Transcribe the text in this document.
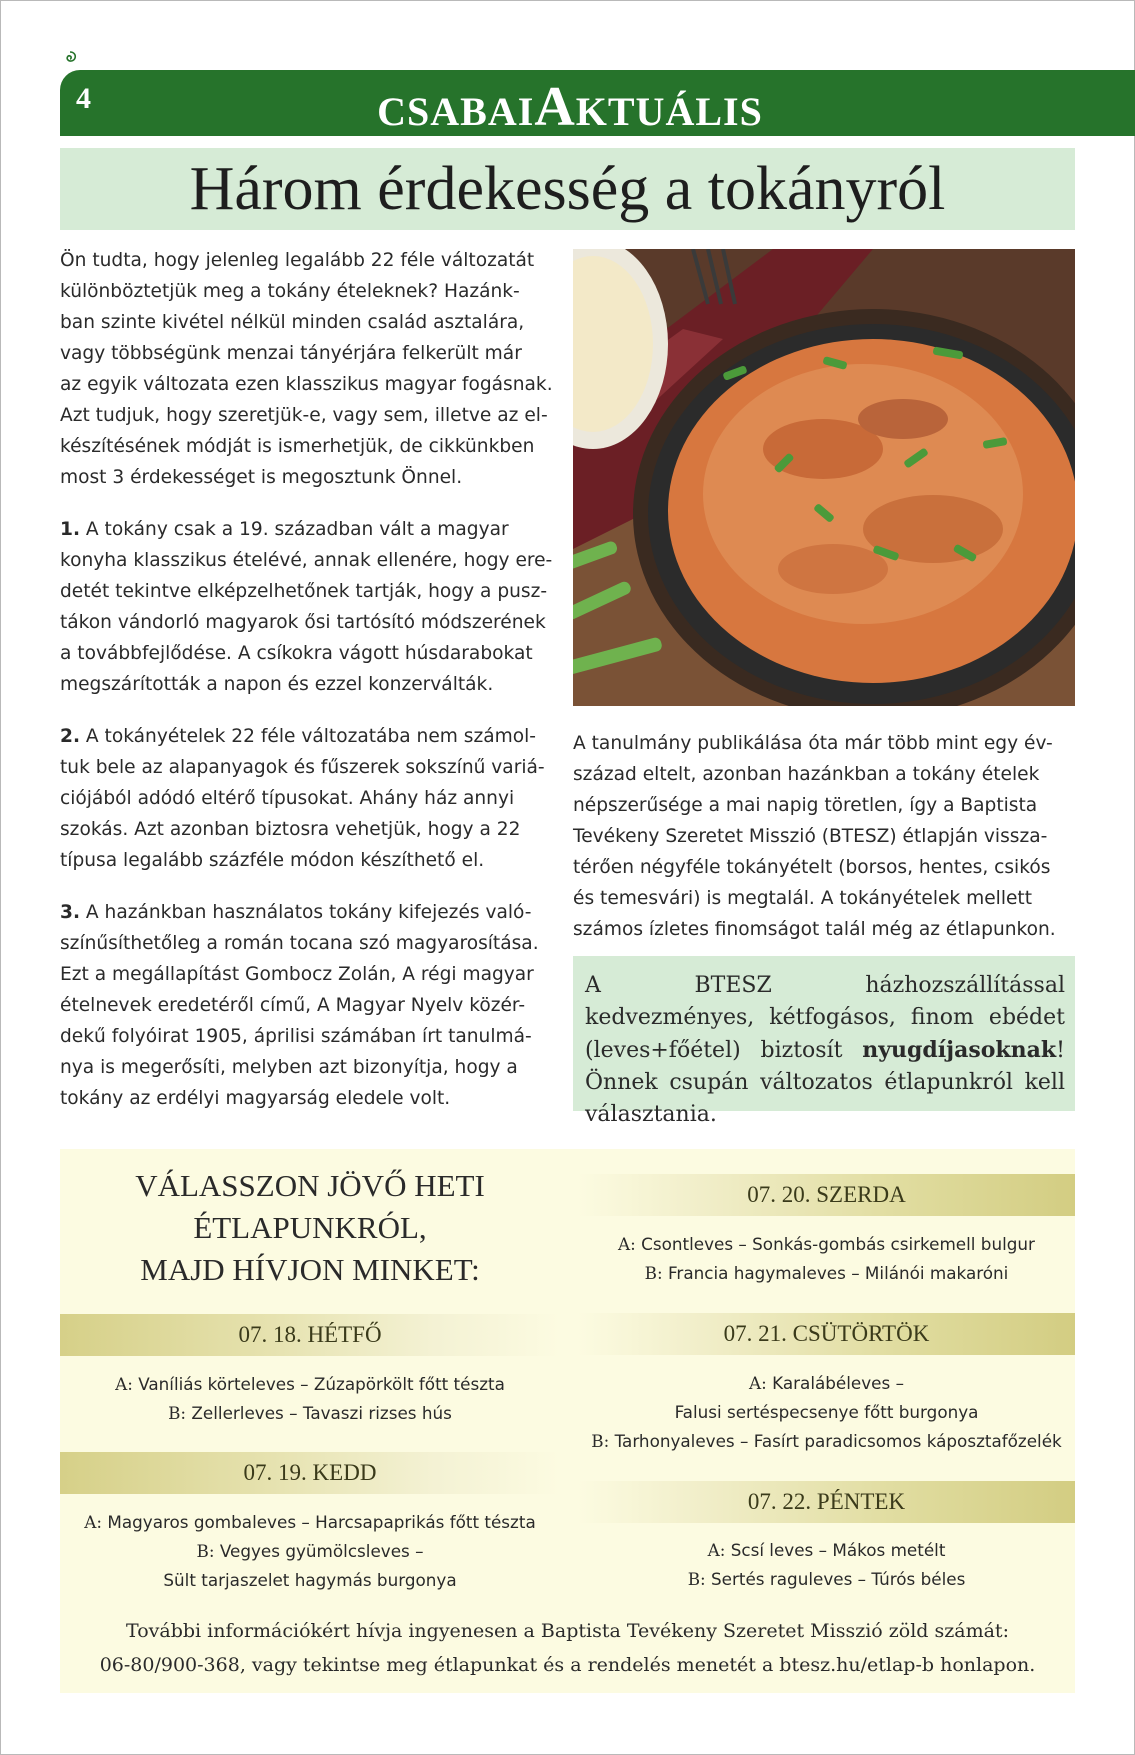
4	CSABAIAKTUÁLIS
Három érdekesség a tokányról

Ön tudta, hogy jelenleg legalább 22 féle változatát
különböztetjük meg a tokány ételeknek? Hazánk-
ban szinte kivétel nélkül minden család asztalára,
vagy többségünk menzai tányérjára felkerült már
az egyik változata ezen klasszikus magyar fogásnak.
Azt tudjuk, hogy szeretjük-e, vagy sem, illetve az el-
készítésének módját is ismerhetjük, de cikkünkben
most 3 érdekességet is megosztunk Önnel.

1. A tokány csak a 19. században vált a magyar
konyha klasszikus ételévé, annak ellenére, hogy ere-
detét tekintve elképzelhetőnek tartják, hogy a pusz-
tákon vándorló magyarok ősi tartósító módszerének
a továbbfejlődése. A csíkokra vágott húsdarabokat
megszárították a napon és ezzel konzerválták.

2. A tokányételek 22 féle változatába nem számol-
tuk bele az alapanyagok és fűszerek sokszínű variá-
ciójából adódó eltérő típusokat. Ahány ház annyi
szokás. Azt azonban biztosra vehetjük, hogy a 22
típusa legalább százféle módon készíthető el.

3. A hazánkban használatos tokány kifejezés való-
színűsíthetőleg a román tocana szó magyarosítása.
Ezt a megállapítást Gombocz Zolán, A régi magyar
ételnevek eredetéről című, A Magyar Nyelv közér-
dekű folyóirat 1905, áprilisi számában írt tanulmá-
nya is megerősíti, melyben azt bizonyítja, hogy a
tokány az erdélyi magyarság eledele volt.

A tanulmány publikálása óta már több mint egy év-
század eltelt, azonban hazánkban a tokány ételek
népszerűsége a mai napig töretlen, így a Baptista
Tevékeny Szeretet Misszió (BTESZ) étlapján vissza-
térően négyféle tokányételt (borsos, hentes, csikós
és temesvári) is megtalál. A tokányételek mellett
számos ízletes finomságot talál még az étlapunkon.

A BTESZ házhozszállítással kedvezményes, kétfogásos, finom ebédet (leves+főétel) biztosít nyugdíjasoknak! Önnek csupán változatos étlapunkról kell választania.
VÁLASSZON JÖVŐ HETI
ÉTLAPUNKRÓL,
MAJD HÍVJON MINKET:
07. 18. HÉTFŐ
A: Vaníliás körteleves – Zúzapörkölt főtt tészta
B: Zellerleves – Tavaszi rizses hús
07. 19. KEDD
A: Magyaros gombaleves – Harcsapaprikás főtt tészta
B: Vegyes gyümölcsleves –
Sült tarjaszelet hagymás burgonya
07. 20. SZERDA
A: Csontleves – Sonkás-gombás csirkemell bulgur
B: Francia hagymaleves – Milánói makaróni
07. 21. CSÜTÖRTÖK
A: Karalábéleves –
Falusi sertéspecsenye főtt burgonya
B: Tarhonyaleves – Fasírt paradicsomos káposztafőzelék
07. 22. PÉNTEK
A: Scsí leves – Mákos metélt
B: Sertés raguleves – Túrós béles
További információkért hívja ingyenesen a Baptista Tevékeny Szeretet Misszió zöld számát:
06-80/900-368, vagy tekintse meg étlapunkat és a rendelés menetét a btesz.hu/etlap-b honlapon.
